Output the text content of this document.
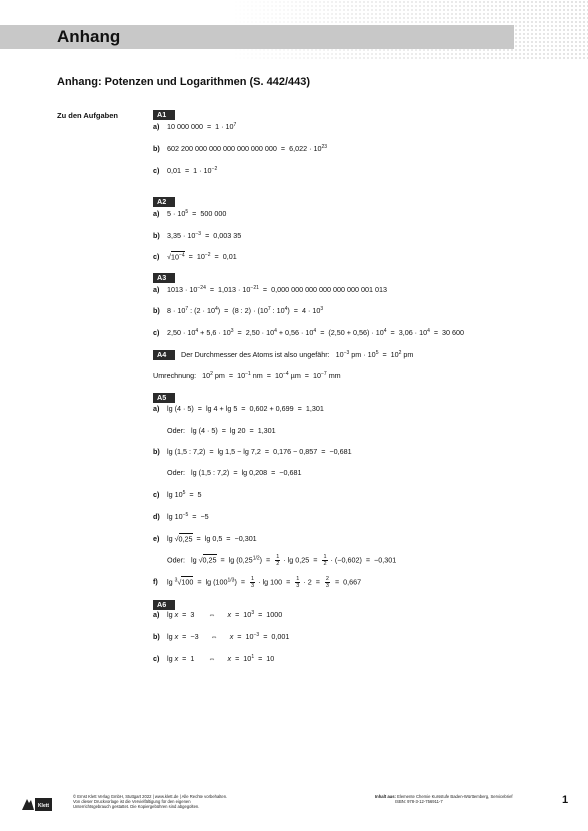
Anhang
Anhang: Potenzen und Logarithmen (S. 442/443)
Zu den Aufgaben	A1
a) 10 000 $000 = 1 \cdot 10^7$
b) 602 200 000 000 000 000 000 $000 = 6,022 \cdot 10^{23}$
c) $0,01 = 1 \cdot 10^{-2}$
A2
a) $5 \cdot 10^5 = 500$ 000
b) $3,35 \cdot 10^{-3} = 0,003$ 35
c) $√10^{-4} = 10^{-2} = 0,01$
A3
a) $1013 \cdot 10^{-24} = 1,013 \cdot 10^{-21} = 0,000$ 000 000 000 000 000 001 013
b) $8 \cdot 10^7$ : $(2 \cdot 10^4) = (8$ : $2) \cdot (10^7$ : $10^4) = 4 \cdot 10^3$
c) $2,50 \cdot 10^4 + 5,6 \cdot 10^3 = 2,50 \cdot 10^4 + 0,56 \cdot 10^4 = (2,50 + 0,56) \cdot 10^4 = 3,06 \cdot 10^4 = 30$ 600
A4 Der Durchmesser des Atoms ist also ungefähr:   $10^{-3}$ pm · $10^5 = 10^2$ pm
Umrechnung:   $10^2$ pm  =  $10^{-1}$ nm  =  $10^{-4}$ $\mu m = 10^{-7}$ mm
A5
a) lg (4 · 5)  =  lg 4 + lg 5  =  0,602 + 0,699  =  1,301
Oder:   lg (4 · 5)  =  lg 20  =  1,301
b) lg (1,5 : 7,2)  =  lg 1,5 − lg 7,2  =  0,176 − 0,857  =  −0,681
Oder:   lg (1,5 : 7,2)  =  lg 0,208  =  −0,681
c) $\lg 10^5 = 5$
d) $\lg 10^{-5} = -5$
e) lg √0,25  =  lg 0,5  =  −0,301
Oder:   $\lg √0,25 = \lg (0,25^{1/2}) = \frac{1}{2} \cdot \lg 0,25 = \frac{1}{2} \cdot (-0,602) = -0,301$
f) $\lg ^3√100 = \lg (100^{1/3}) = \frac{1}{3} \cdot \lg 100 = \frac{1}{3} \cdot 2 = \frac{2}{3} = 0,667$
A6
a) lg x  =  3       ⇔      $x = 10^3 = 1000$
b) lg x  =  −3      ⇔      $x = 10^{-3} = 0,001$
c) lg x  =  1       ⇔      $x = 10^1 = 10$
Klett
© Ernst Klett Verlag GmbH, Stuttgart 2022 | www.klett.de | Alle Rechte vorbehalten.
Von dieser Druckvorlage ist die Vervielfältigung für den eigenen
Unterrichtsgebrauch gestattet. Die Kopiergebühren sind abgegolten.
Inhalt aus: Elemente Chemie Kursstufe Baden-Württemberg, Servicebrief
ISBN: 978-3-12-756911-7	1
